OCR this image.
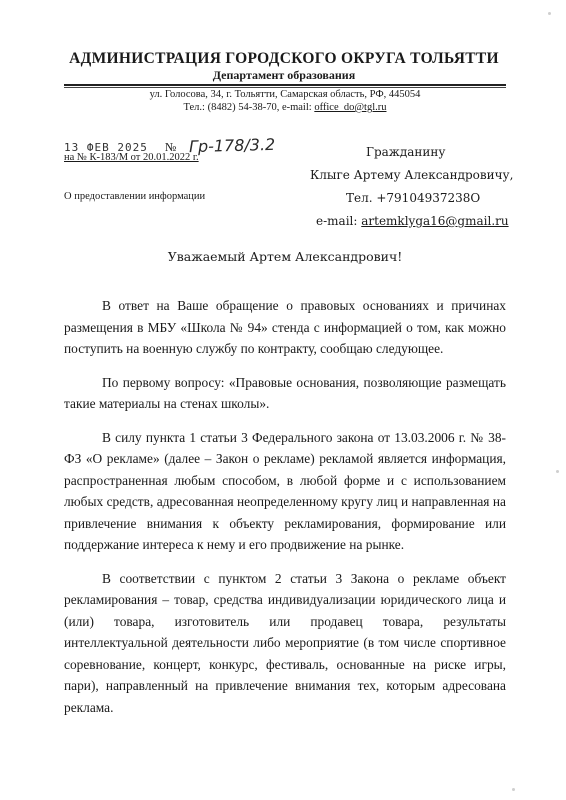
АДМИНИСТРАЦИЯ ГОРОДСКОГО ОКРУГА ТОЛЬЯТТИ
Департамент образования
ул. Голосова, 34, г. Тольятти, Самарская область, РФ, 445054
Тел.: (8482) 54-38-70, e-mail: office_do@tgl.ru
13 ФЕВ 2025 № Гр-178/3.2
на № К-183/М от 20.01.2022 г.
О предоставлении информации
Гражданину
Клыге Артему Александровичу,
Тел. +79104937238О
e-mail: artemklyga16@gmail.ru
Уважаемый Артем Александрович!

В ответ на Ваше обращение о правовых основаниях и причинах размещения в МБУ «Школа № 94» стенда с информацией о том, как можно поступить на военную службу по контракту, сообщаю следующее.

По первому вопросу: «Правовые основания, позволяющие размещать такие материалы на стенах школы».

В силу пункта 1 статьи 3 Федерального закона от 13.03.2006 г. № 38-ФЗ «О рекламе» (далее – Закон о рекламе) рекламой является информация, распространенная любым способом, в любой форме и с использованием любых средств, адресованная неопределенному кругу лиц и направленная на привлечение внимания к объекту рекламирования, формирование или поддержание интереса к нему и его продвижение на рынке.

В соответствии с пунктом 2 статьи 3 Закона о рекламе объект рекламирования – товар, средства индивидуализации юридического лица и (или) товара, изготовитель или продавец товара, результаты интеллектуальной деятельности либо мероприятие (в том числе спортивное соревнование, концерт, конкурс, фестиваль, основанные на риске игры, пари), направленный на привлечение внимания тех, которым адресована реклама.
